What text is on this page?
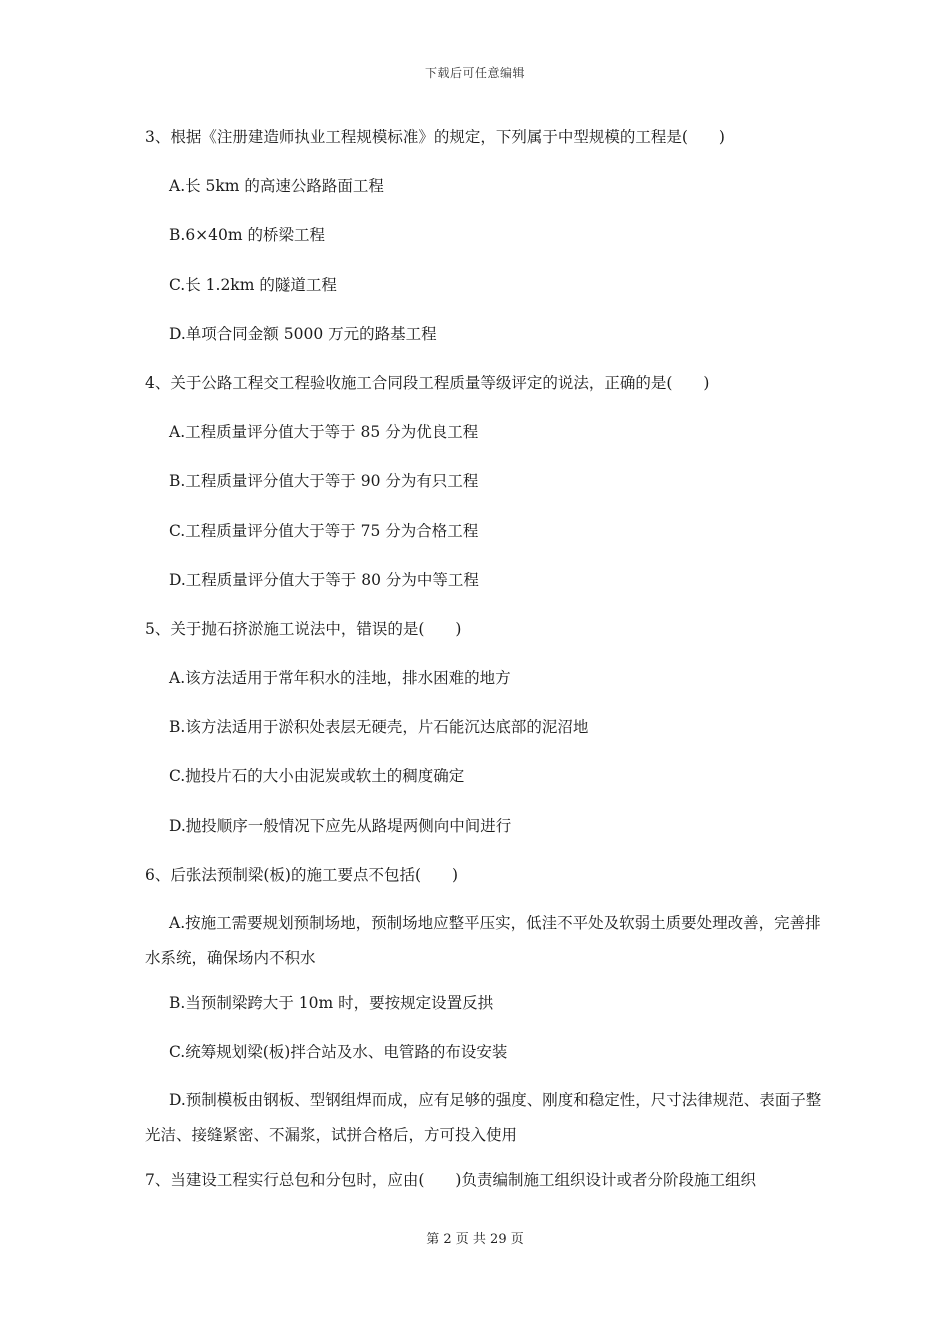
下载后可任意编辑

3、根据《注册建造师执业工程规模标准》的规定，下列属于中型规模的工程是(　　)

A.长 5km 的高速公路路面工程

B.6×40m 的桥梁工程

C.长 1.2km 的隧道工程

D.单项合同金额 5000 万元的路基工程

4、关于公路工程交工程验收施工合同段工程质量等级评定的说法，正确的是(　　)

A.工程质量评分值大于等于 85 分为优良工程

B.工程质量评分值大于等于 90 分为有只工程

C.工程质量评分值大于等于 75 分为合格工程

D.工程质量评分值大于等于 80 分为中等工程

5、关于抛石挤淤施工说法中，错误的是(　　)

A.该方法适用于常年积水的洼地，排水困难的地方

B.该方法适用于淤积处表层无硬壳，片石能沉达底部的泥沼地

C.抛投片石的大小由泥炭或软土的稠度确定

D.抛投顺序一般情况下应先从路堤两侧向中间进行

6、后张法预制梁(板)的施工要点不包括(　　)

A.按施工需要规划预制场地，预制场地应整平压实，低洼不平处及软弱土质要处理改善，完善排水系统，确保场内不积水

B.当预制梁跨大于 10m 时，要按规定设置反拱

C.统筹规划梁(板)拌合站及水、电管路的布设安装

D.预制模板由钢板、型钢组焊而成，应有足够的强度、刚度和稳定性，尺寸法律规范、表面子整光洁、接缝紧密、不漏浆，试拼合格后，方可投入使用

7、当建设工程实行总包和分包时，应由(　　)负责编制施工组织设计或者分阶段施工组织

第 2 页 共 29 页
